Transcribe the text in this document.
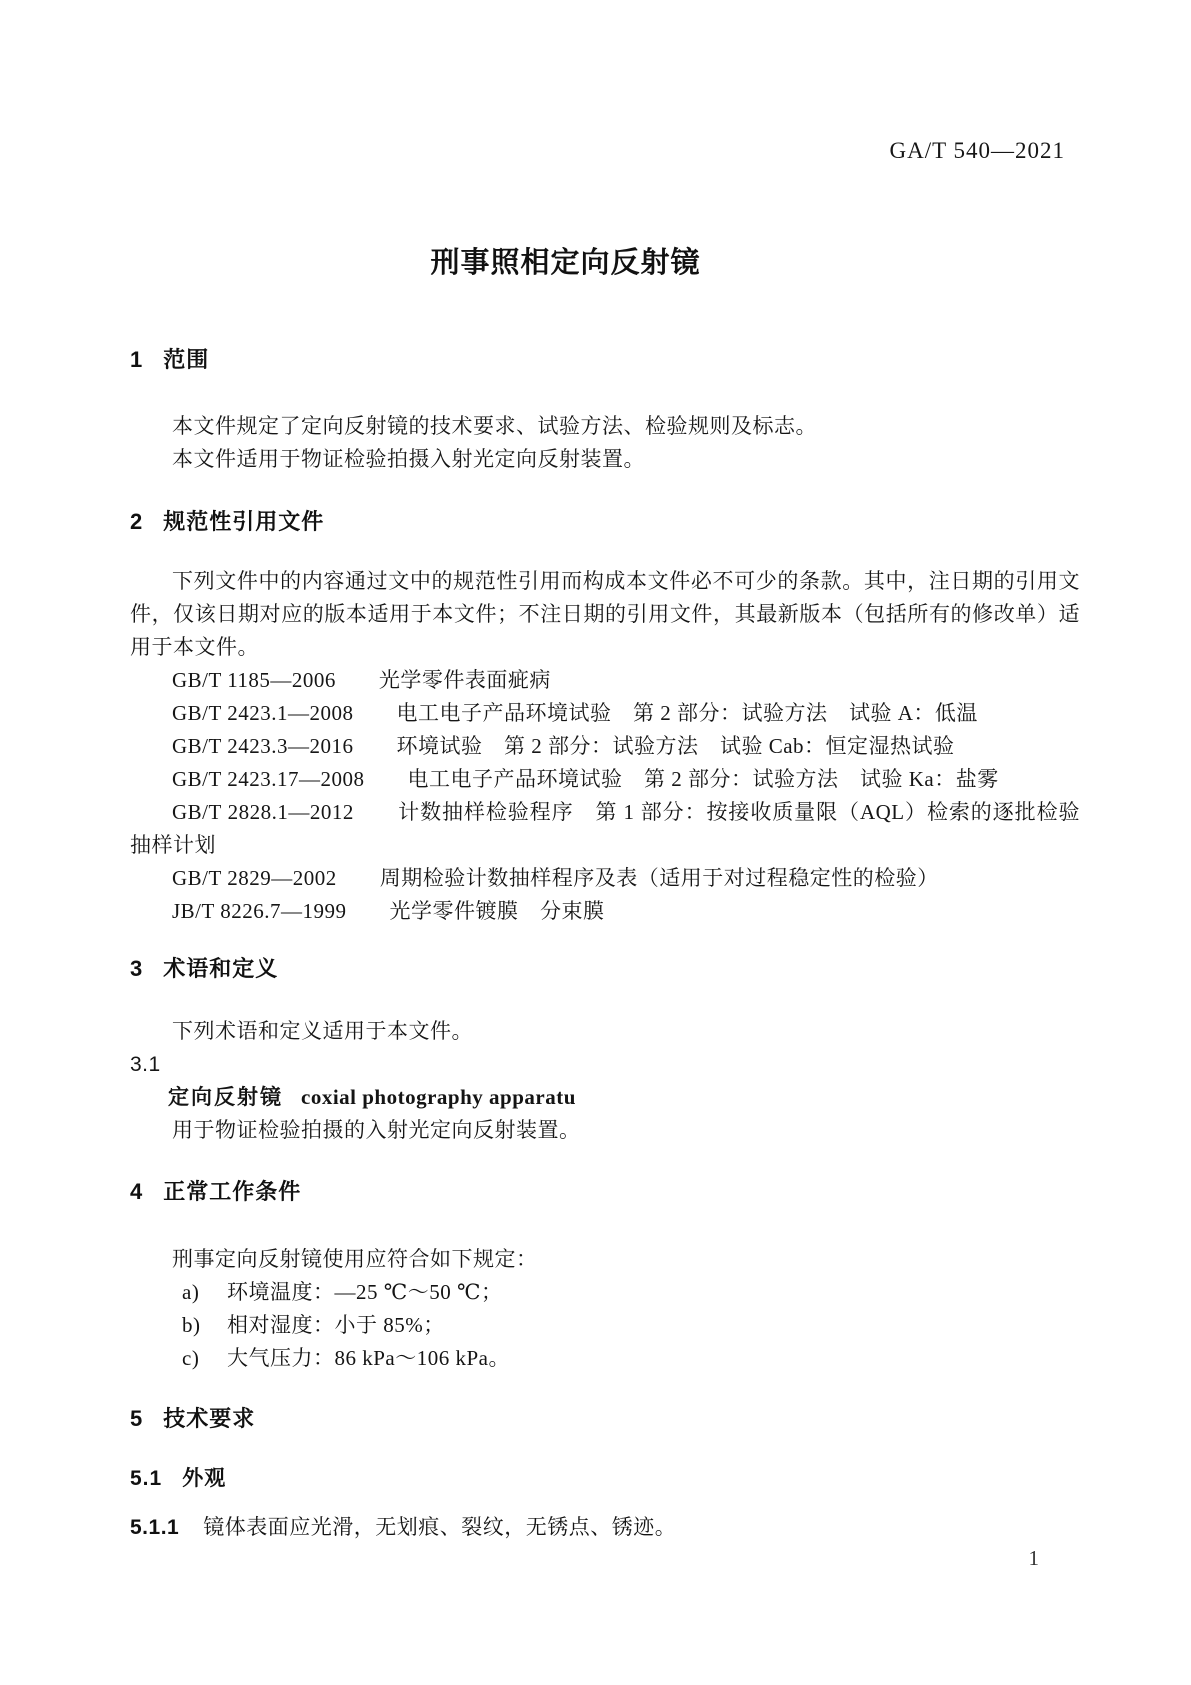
GA/T 540—2021
刑事照相定向反射镜
1 范围

本文件规定了定向反射镜的技术要求、试验方法、检验规则及标志。

本文件适用于物证检验拍摄入射光定向反射装置。

2 规范性引用文件

下列文件中的内容通过文中的规范性引用而构成本文件必不可少的条款。其中，注日期的引用文件，仅该日期对应的版本适用于本文件；不注日期的引用文件，其最新版本（包括所有的修改单）适用于本文件。

GB/T 1185—2006　　光学零件表面疵病

GB/T 2423.1—2008　　电工电子产品环境试验　第 2 部分：试验方法　试验 A：低温

GB/T 2423.3—2016　　环境试验　第 2 部分：试验方法　试验 Cab：恒定湿热试验

GB/T 2423.17—2008　　电工电子产品环境试验　第 2 部分：试验方法　试验 Ka：盐雾

GB/T 2828.1—2012　　计数抽样检验程序　第 1 部分：按接收质量限（AQL）检索的逐批检验抽样计划

GB/T 2829—2002　　周期检验计数抽样程序及表（适用于对过程稳定性的检验）

JB/T 8226.7—1999　　光学零件镀膜　分束膜

3 术语和定义

下列术语和定义适用于本文件。

3.1

定向反射镜 coxial photography apparatu

用于物证检验拍摄的入射光定向反射装置。

4 正常工作条件

刑事定向反射镜使用应符合如下规定：

a) 环境温度：—25 ℃～50 ℃；

b) 相对湿度：小于 85%；

c) 大气压力：86 kPa～106 kPa。

5 技术要求
5.1 外观

5.1.1 镜体表面应光滑，无划痕、裂纹，无锈点、锈迹。

1
